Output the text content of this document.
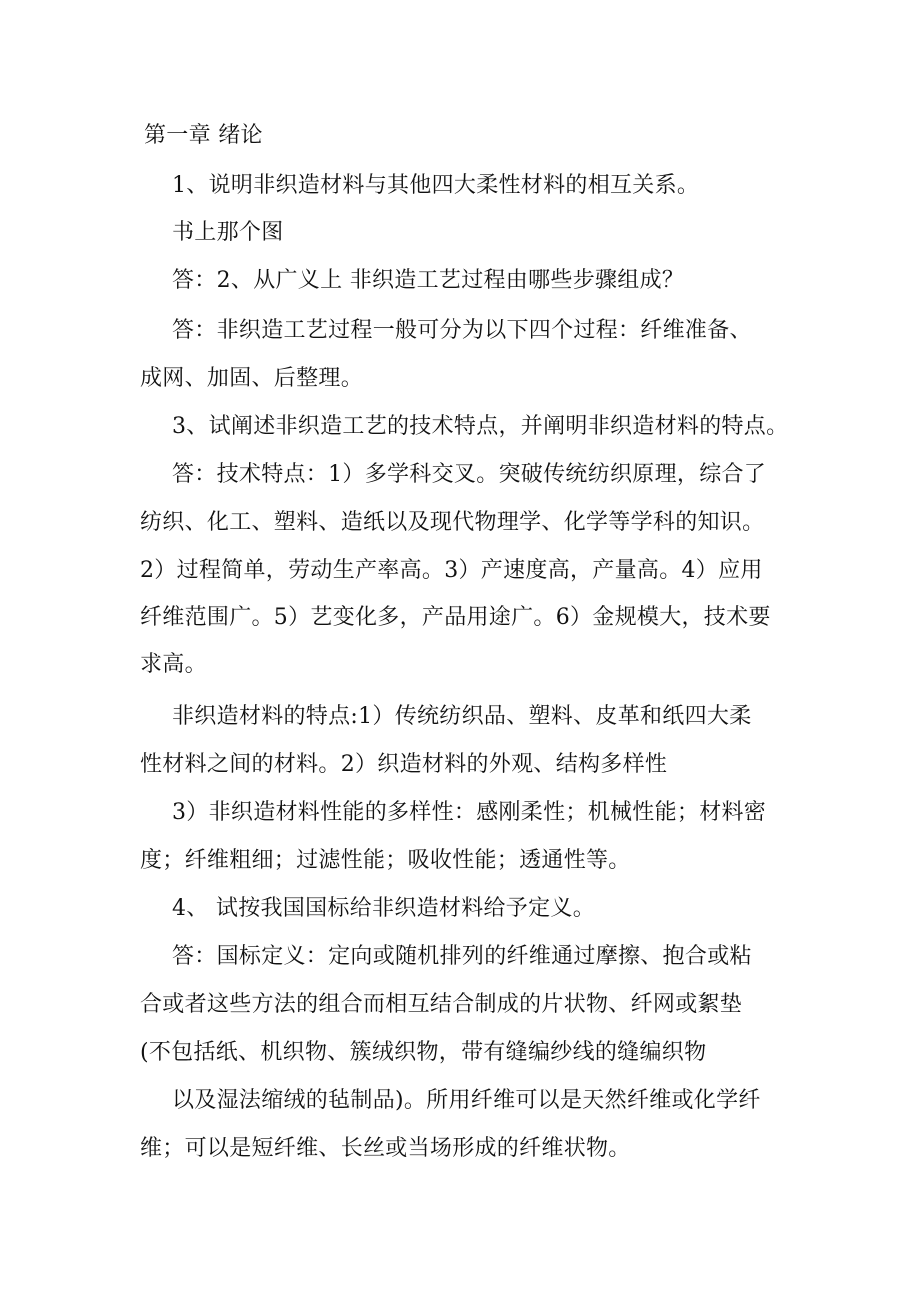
第一章 绪论
1、说明非织造材料与其他四大柔性材料的相互关系。
书上那个图
答：2、从广义上 非织造工艺过程由哪些步骤组成？
答：非织造工艺过程一般可分为以下四个过程：纤维准备、
成网、加固、后整理。
3、试阐述非织造工艺的技术特点，并阐明非织造材料的特点。
答：技术特点：1）多学科交叉。突破传统纺织原理，综合了
纺织、化工、塑料、造纸以及现代物理学、化学等学科的知识。
2）过程简单，劳动生产率高。3）产速度高，产量高。4）应用
纤维范围广。5）艺变化多，产品用途广。6）金规模大，技术要
求高。
非织造材料的特点:1）传统纺织品、塑料、皮革和纸四大柔
性材料之间的材料。2）织造材料的外观、结构多样性
3）非织造材料性能的多样性：感刚柔性；机械性能；材料密
度；纤维粗细；过滤性能；吸收性能；透通性等。
4、 试按我国国标给非织造材料给予定义。
答：国标定义：定向或随机排列的纤维通过摩擦、抱合或粘
合或者这些方法的组合而相互结合制成的片状物、纤网或絮垫
(不包括纸、机织物、簇绒织物，带有缝编纱线的缝编织物
以及湿法缩绒的毡制品)。所用纤维可以是天然纤维或化学纤
维；可以是短纤维、长丝或当场形成的纤维状物。
